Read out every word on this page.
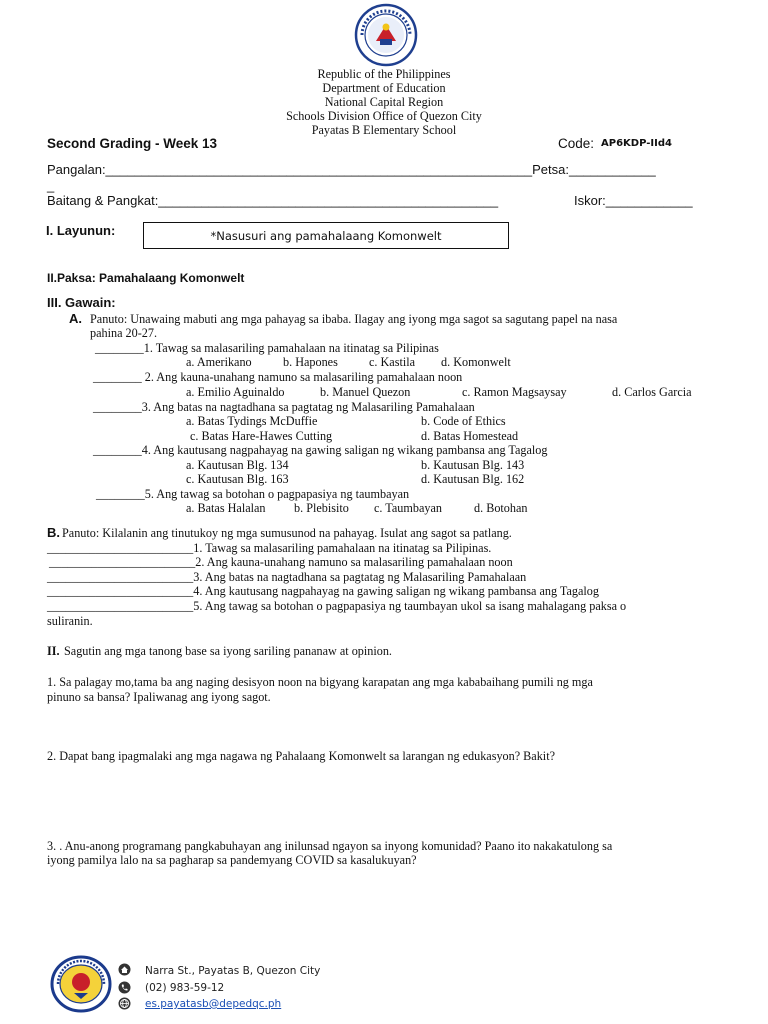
Republic of the Philippines
Department of Education
National Capital Region
Schools Division Office of Quezon City
Payatas B Elementary School
Second Grading - Week 13	Code: AP6KDP-IId4
Pangalan:___________________________________________________________Petsa:____________
_
Baitang & Pangkat:_______________________________________________	Iskor:____________
I. Layunun:	*Nasusuri ang pamahalaang Komonwelt
II.Paksa: Pamahalaang Komonwelt
III. Gawain:
A. Panuto: Unawaing mabuti ang mga pahayag sa ibaba. Ilagay ang iyong mga sagot sa sagutang papel na nasa
pahina 20-27.
________1. Tawag sa malasariling pamahalaan na itinatag sa Pilipinas
a. Amerikano	b. Hapones	c. Kastila d. Komonwelt
________ 2. Ang kauna-unahang namuno sa malasariling pamahalaan noon
a. Emilio Aguinaldo	b. Manuel Quezon	c. Ramon Magsaysay	d. Carlos Garcia
________3. Ang batas na nagtadhana sa pagtatag ng Malasariling Pamahalaan
a. Batas Tydings McDuffie	b. Code of Ethics
c. Batas Hare-Hawes Cutting	d. Batas Homestead
________4. Ang kautusang nagpahayag na gawing saligan ng wikang pambansa ang Tagalog
a. Kautusan Blg. 134	b. Kautusan Blg. 143
c. Kautusan Blg. 163	d. Kautusan Blg. 162
________5. Ang tawag sa botohan o pagpapasiya ng taumbayan
a. Batas Halalan b. Plebisito c. Taumbayan	d. Botohan
B. Panuto: Kilalanin ang tinutukoy ng mga sumusunod na pahayag. Isulat ang sagot sa patlang.
________________________1. Tawag sa malasariling pamahalaan na itinatag sa Pilipinas.
________________________2. Ang kauna-unahang namuno sa malasariling pamahalaan noon
________________________3. Ang batas na nagtadhana sa pagtatag ng Malasariling Pamahalaan
________________________4. Ang kautusang nagpahayag na gawing saligan ng wikang pambansa ang Tagalog
________________________5. Ang tawag sa botohan o pagpapasiya ng taumbayan ukol sa isang mahalagang paksa o
suliranin.
II. Sagutin ang mga tanong base sa iyong sariling pananaw at opinion.
1. Sa palagay mo,tama ba ang naging desisyon noon na bigyang karapatan ang mga kababaihang pumili ng mga
pinuno sa bansa? Ipaliwanag ang iyong sagot.
2. Dapat bang ipagmalaki ang mga nagawa ng Pahalaang Komonwelt sa larangan ng edukasyon? Bakit?
3. . Anu-anong programang pangkabuhayan ang inilunsad ngayon sa inyong komunidad? Paano ito nakakatulong sa
iyong pamilya lalo na sa pagharap sa pandemyang COVID sa kasalukuyan?
Narra St., Payatas B, Quezon City
(02) 983-59-12
es.payatasb@depedqc.ph
